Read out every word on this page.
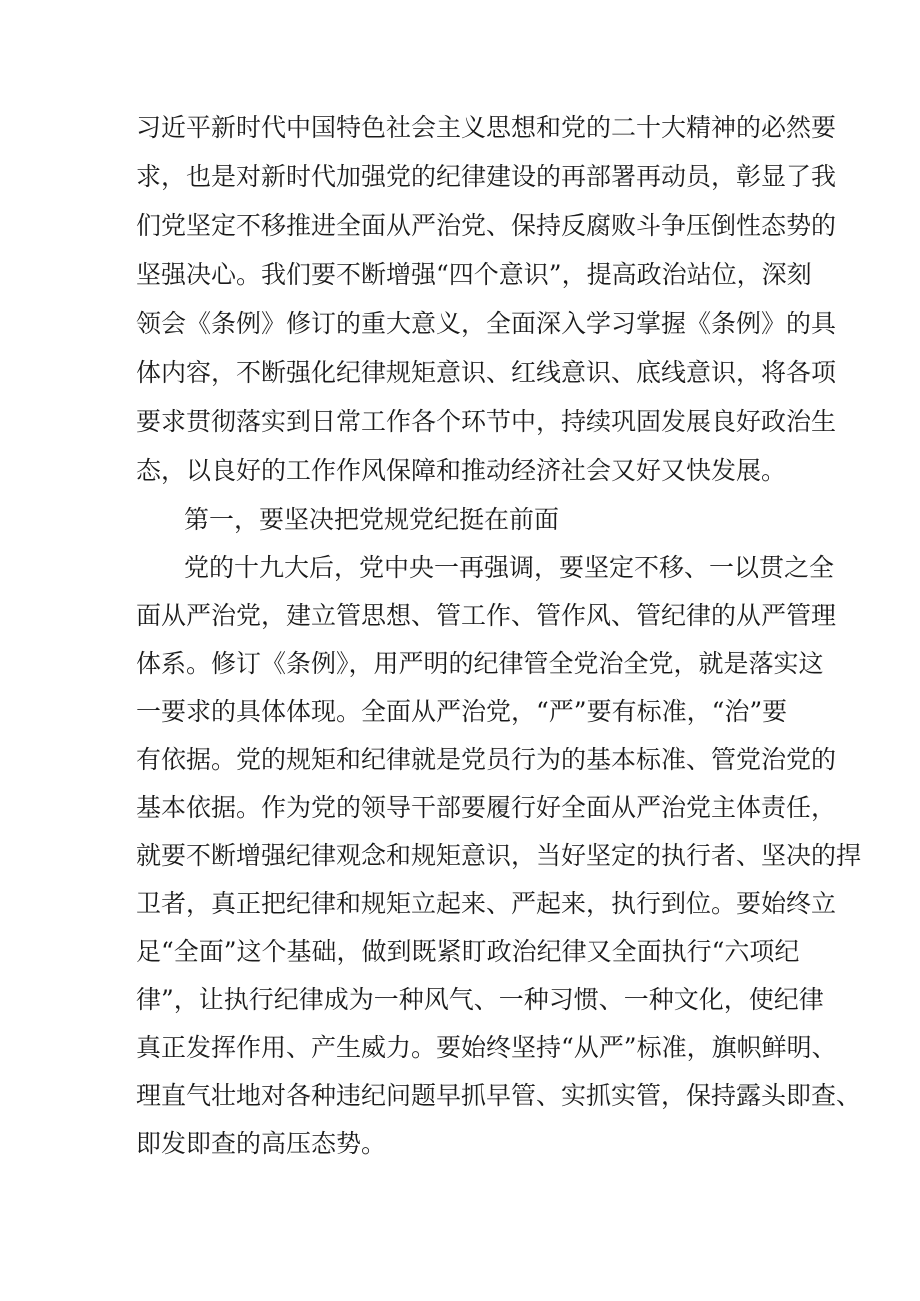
习近平新时代中国特色社会主义思想和党的二十大精神的必然要
求，也是对新时代加强党的纪律建设的再部署再动员，彰显了我
们党坚定不移推进全面从严治党、保持反腐败斗争压倒性态势的
坚强决心。我们要不断增强“四个意识”，提高政治站位，深刻
领会《条例》修订的重大意义，全面深入学习掌握《条例》的具
体内容，不断强化纪律规矩意识、红线意识、底线意识，将各项
要求贯彻落实到日常工作各个环节中，持续巩固发展良好政治生
态，以良好的工作作风保障和推动经济社会又好又快发展。
第一，要坚决把党规党纪挺在前面
党的十九大后，党中央一再强调，要坚定不移、一以贯之全
面从严治党，建立管思想、管工作、管作风、管纪律的从严管理
体系。修订《条例》，用严明的纪律管全党治全党，就是落实这
一要求的具体体现。全面从严治党，“严”要有标准，“治”要
有依据。党的规矩和纪律就是党员行为的基本标准、管党治党的
基本依据。作为党的领导干部要履行好全面从严治党主体责任，
就要不断增强纪律观念和规矩意识，当好坚定的执行者、坚决的捍
卫者，真正把纪律和规矩立起来、严起来，执行到位。要始终立
足“全面”这个基础，做到既紧盯政治纪律又全面执行“六项纪
律”，让执行纪律成为一种风气、一种习惯、一种文化，使纪律
真正发挥作用、产生威力。要始终坚持“从严”标准，旗帜鲜明、
理直气壮地对各种违纪问题早抓早管、实抓实管，保持露头即查、
即发即查的高压态势。
